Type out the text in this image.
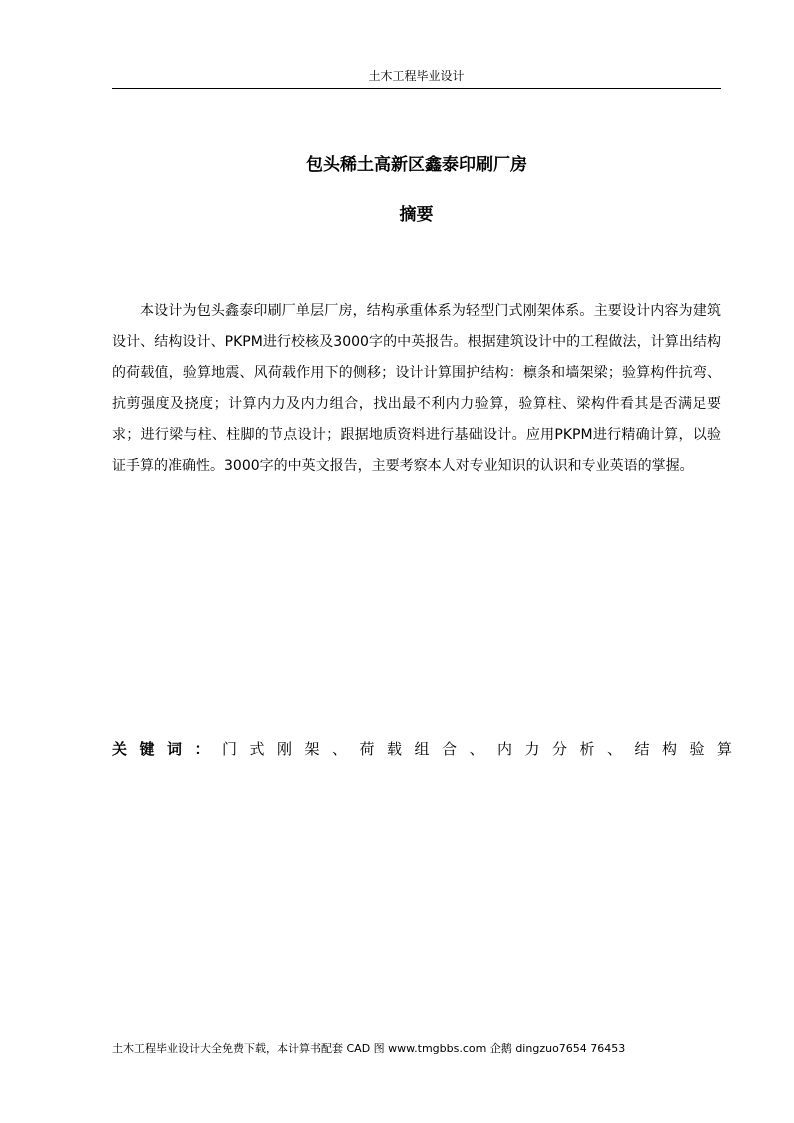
土木工程毕业设计
包头稀土高新区鑫泰印刷厂房
摘要

本设计为包头鑫泰印刷厂单层厂房，结构承重体系为轻型门式刚架体系。主要设计内容为建筑设计、结构设计、PKPM进行校核及3000字的中英报告。根据建筑设计中的工程做法，计算出结构的荷载值，验算地震、风荷载作用下的侧移；设计计算围护结构：檩条和墙架梁；验算构件抗弯、抗剪强度及挠度；计算内力及内力组合，找出最不利内力验算，验算柱、梁构件看其是否满足要求；进行梁与柱、柱脚的节点设计；跟据地质资料进行基础设计。应用PKPM进行精确计算，以验证手算的准确性。3000字的中英文报告，主要考察本人对专业知识的认识和专业英语的掌握。

关键词：门式刚架、荷载组合、内力分析、结构验算
土木工程毕业设计大全免费下载，本计算书配套 CAD 图 www.tmgbbs.com 企鹅 dingzuo7654 76453
